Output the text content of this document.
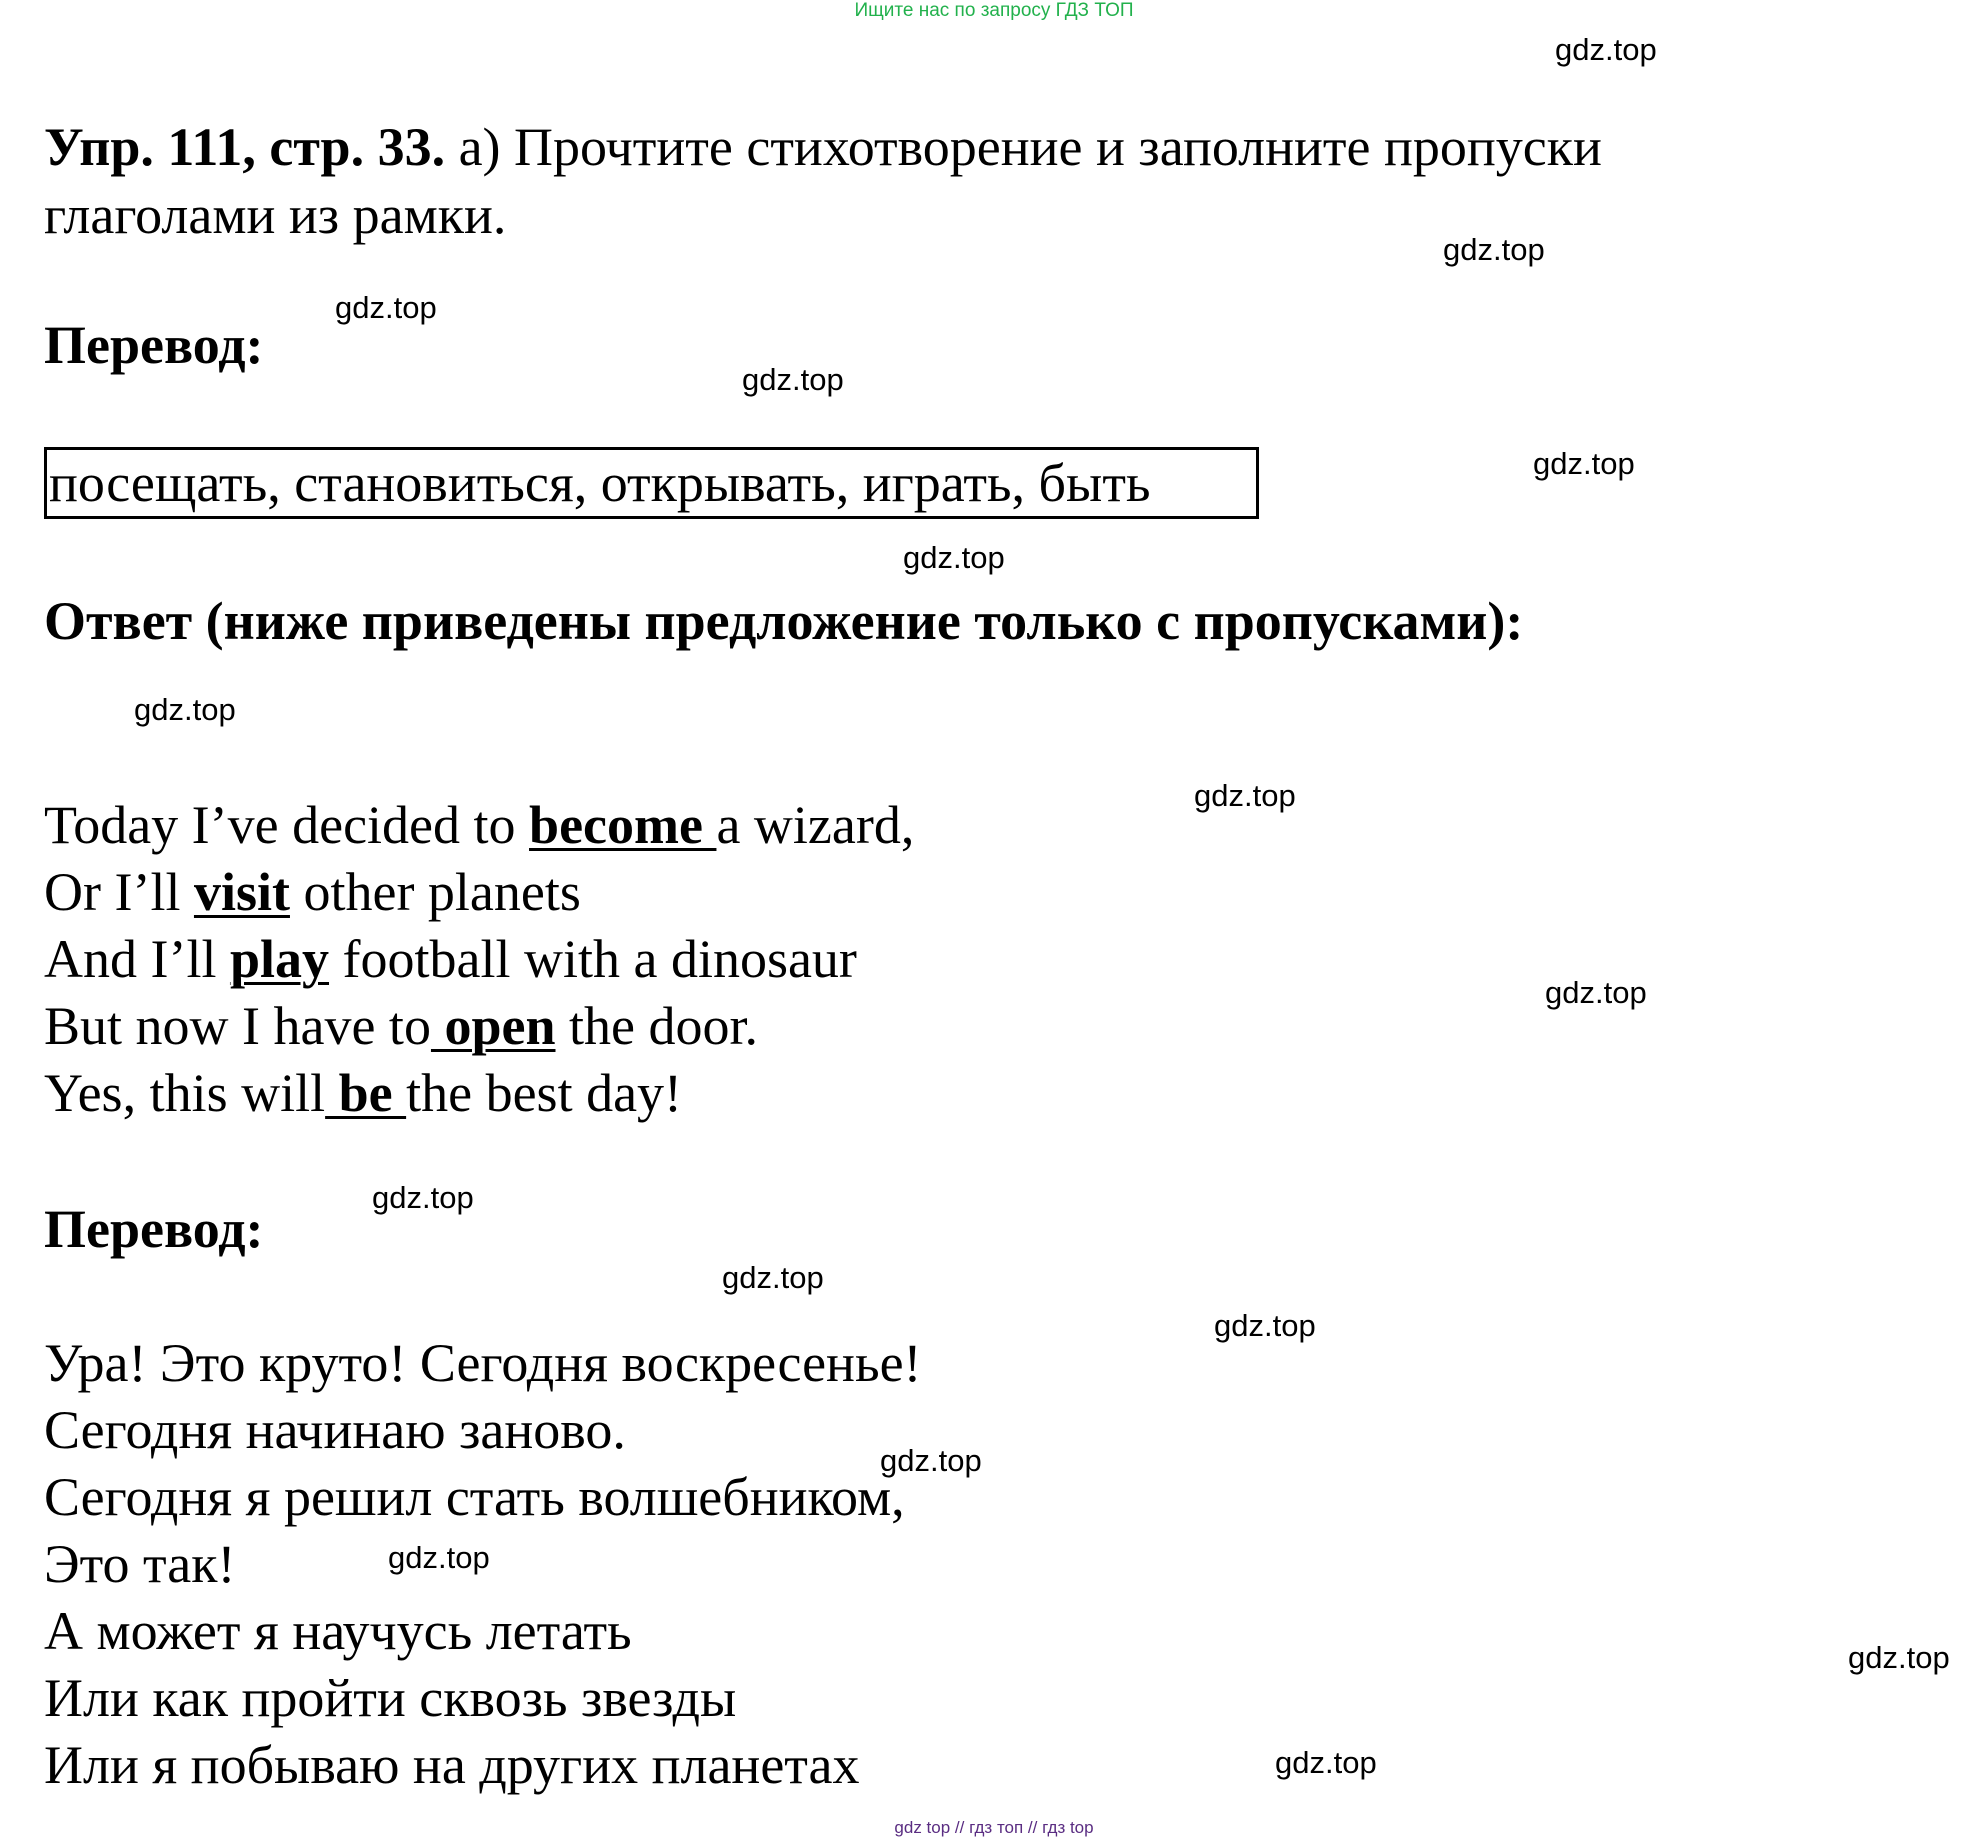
Ищите нас по запросу ГДЗ ТОП
gdz.top
gdz.top
gdz.top
gdz.top
gdz.top
gdz.top
gdz.top
gdz.top
gdz.top
gdz.top
gdz.top
gdz.top
gdz.top
gdz.top
gdz.top
gdz.top
Упр. 111, стр. 33. а) Прочтите стихотворение и заполните пропуски
глаголами из рамки.
Перевод:
посещать, становиться, открывать, играть, быть
Ответ (ниже приведены предложение только с пропусками):
Today I’ve decided to become a wizard,
Or I’ll visit other planets
And I’ll play football with a dinosaur
But now I have to open the door.
Yes, this will be the best day!
Перевод:
Ура! Это круто! Сегодня воскресенье!
Сегодня начинаю заново.
Сегодня я решил стать волшебником,
Это так!
А может я научусь летать
Или как пройти сквозь звезды
Или я побываю на других планетах
gdz top // гдз топ // гдз top
